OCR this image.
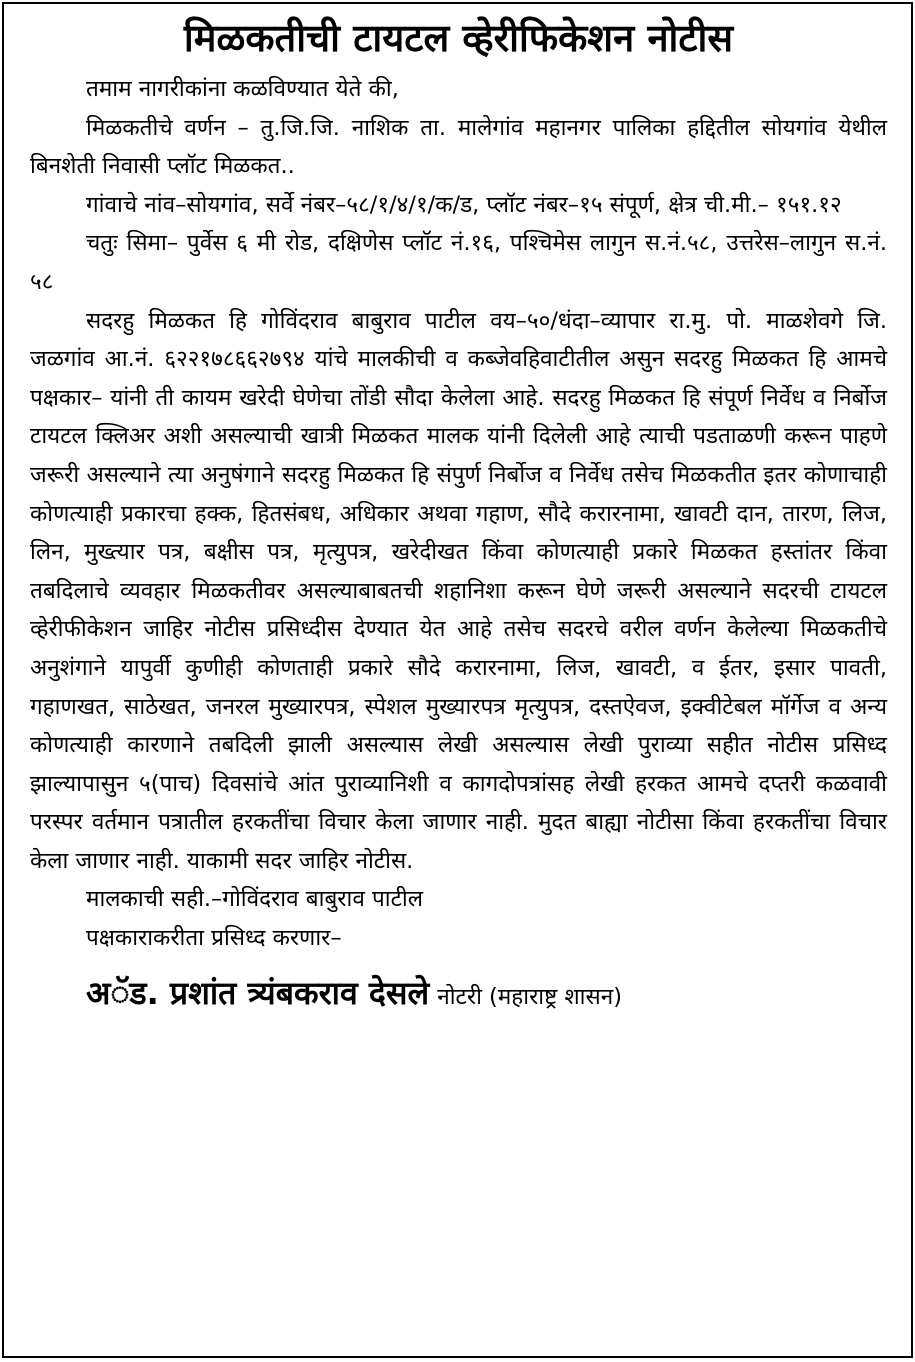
मिळकतीची टायटल व्हेरीफिकेशन नोटीस

तमाम नागरीकांना कळविण्यात येते की,

मिळकतीचे वर्णन – तु.जि.जि. नाशिक ता. मालेगांव महानगर पालिका हद्दितील सोयगांव येथील बिनशेती निवासी प्लॉट मिळकत..

गांवाचे नांव–सोयगांव, सर्वे नंबर–५८/१/४/१/क/ड, प्लॉट नंबर–१५ संपूर्ण, क्षेत्र ची.मी.– १५१.१२

चतुः सिमा– पुर्वेस ६ मी रोड, दक्षिणेस प्लॉट नं.१६, पश्चिमेस लागुन स.नं.५८, उत्तरेस–लागुन स.नं. ५८

सदरहु मिळकत हि गोविंदराव बाबुराव पाटील वय–५०/धंदा–व्यापार रा.मु. पो. माळशेवगे जि. जळगांव आ.नं. ६२२१७८६६२७९४ यांचे मालकीची व कब्जेवहिवाटीतील असुन सदरहु मिळकत हि आमचे पक्षकार– यांनी ती कायम खरेदी घेणेचा तोंडी सौदा केलेला आहे. सदरहु मिळकत हि संपूर्ण निर्वेध व निर्बोज टायटल क्लिअर अशी असल्याची खात्री मिळकत मालक यांनी दिलेली आहे त्याची पडताळणी करून पाहणे जरूरी असल्याने त्या अनुषंगाने सदरहु मिळकत हि संपुर्ण निर्बोज व निर्वेध तसेच मिळकतीत इतर कोणाचाही कोणत्याही प्रकारचा हक्क, हितसंबध, अधिकार अथवा गहाण, सौदे करारनामा, खावटी दान, तारण, लिज, लिन, मुख्त्यार पत्र, बक्षीस पत्र, मृत्युपत्र, खरेदीखत किंवा कोणत्याही प्रकारे मिळकत हस्तांतर किंवा तबदिलाचे व्यवहार मिळकतीवर असल्याबाबतची शहानिशा करून घेणे जरूरी असल्याने सदरची टायटल व्हेरीफीकेशन जाहिर नोटीस प्रसिध्दीस देण्यात येत आहे तसेच सदरचे वरील वर्णन केलेल्या मिळकतीचे अनुशंगाने यापुर्वी कुणीही कोणताही प्रकारे सौदे करारनामा, लिज, खावटी, व ईतर, इसार पावती, गहाणखत, साठेखत, जनरल मुख्यारपत्र, स्पेशल मुख्यारपत्र मृत्युपत्र, दस्तऐवज, इक्वीटेबल मॉर्गेज व अन्य कोणत्याही कारणाने तबदिली झाली असल्यास लेखी असल्यास लेखी पुराव्या सहीत नोटीस प्रसिध्द झाल्यापासुन ५(पाच) दिवसांचे आंत पुराव्यानिशी व कागदोपत्रांसह लेखी हरकत आमचे दप्तरी कळवावी परस्पर वर्तमान पत्रातील हरकतींचा विचार केला जाणार नाही. मुदत बाह्या नोटीसा किंवा हरकतींचा विचार केला जाणार नाही. याकामी सदर जाहिर नोटीस.

मालकाची सही.–गोविंदराव बाबुराव पाटील

पक्षकाराकरीता प्रसिध्द करणार–

अॅड. प्रशांत त्र्यंबकराव देसले नोटरी (महाराष्ट्र शासन)
